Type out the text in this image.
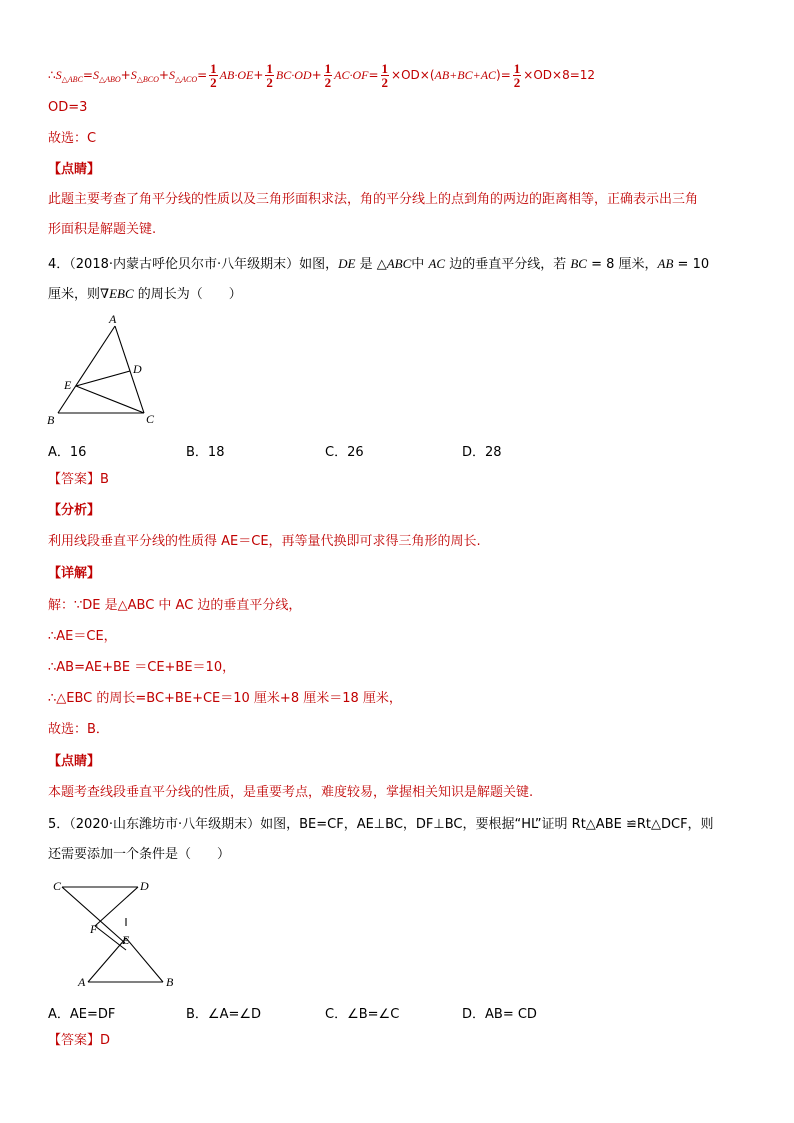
$\therefore S_{\triangle ABC}=S_{\triangle ABO}+S_{\triangle BCO}+S_{\triangle ACO}= \frac{1}{2} AB\cdot OE+ \frac{1}{2} BC\cdot OD+ \frac{1}{2} AC\cdot OF= \frac{1}{2} \times OD\times(AB+BC+AC)= \frac{1}{2} \times OD\times 8=12$
OD=3
故选：C
【点睛】
此题主要考查了角平分线的性质以及三角形面积求法，角的平分线上的点到角的两边的距离相等，正确表示出三角
形面积是解题关键.
4．（2018·内蒙古呼伦贝尔市·八年级期末）如图，DE 是 △ABC中 AC 边的垂直平分线，若 BC = 8 厘米，AB = 10
厘米，则∇EBC 的周长为（　　）
A
B	C
D
E
A．16	B．18	C．26	D．28
【答案】B
【分析】
利用线段垂直平分线的性质得 AE＝CE，再等量代换即可求得三角形的周长.
【详解】
解：∵DE 是△ABC 中 AC 边的垂直平分线，
∴AE＝CE，
∴AB=AE+BE ＝CE+BE＝10，
∴△EBC 的周长=BC+BE+CE＝10 厘米+8 厘米＝18 厘米，
故选：B．
【点睛】
本题考查线段垂直平分线的性质，是重要考点，难度较易，掌握相关知识是解题关键.
5．（2020·山东潍坊市·八年级期末）如图，BE=CF，AE⊥BC，DF⊥BC，要根据“HL”证明 Rt△ABE ≌Rt△DCF，则
还需要添加一个条件是（　　）
C	D
F
E
A	B
A．AE=DF	B．∠A=∠D	C．∠B=∠C	D．AB= CD
【答案】D
